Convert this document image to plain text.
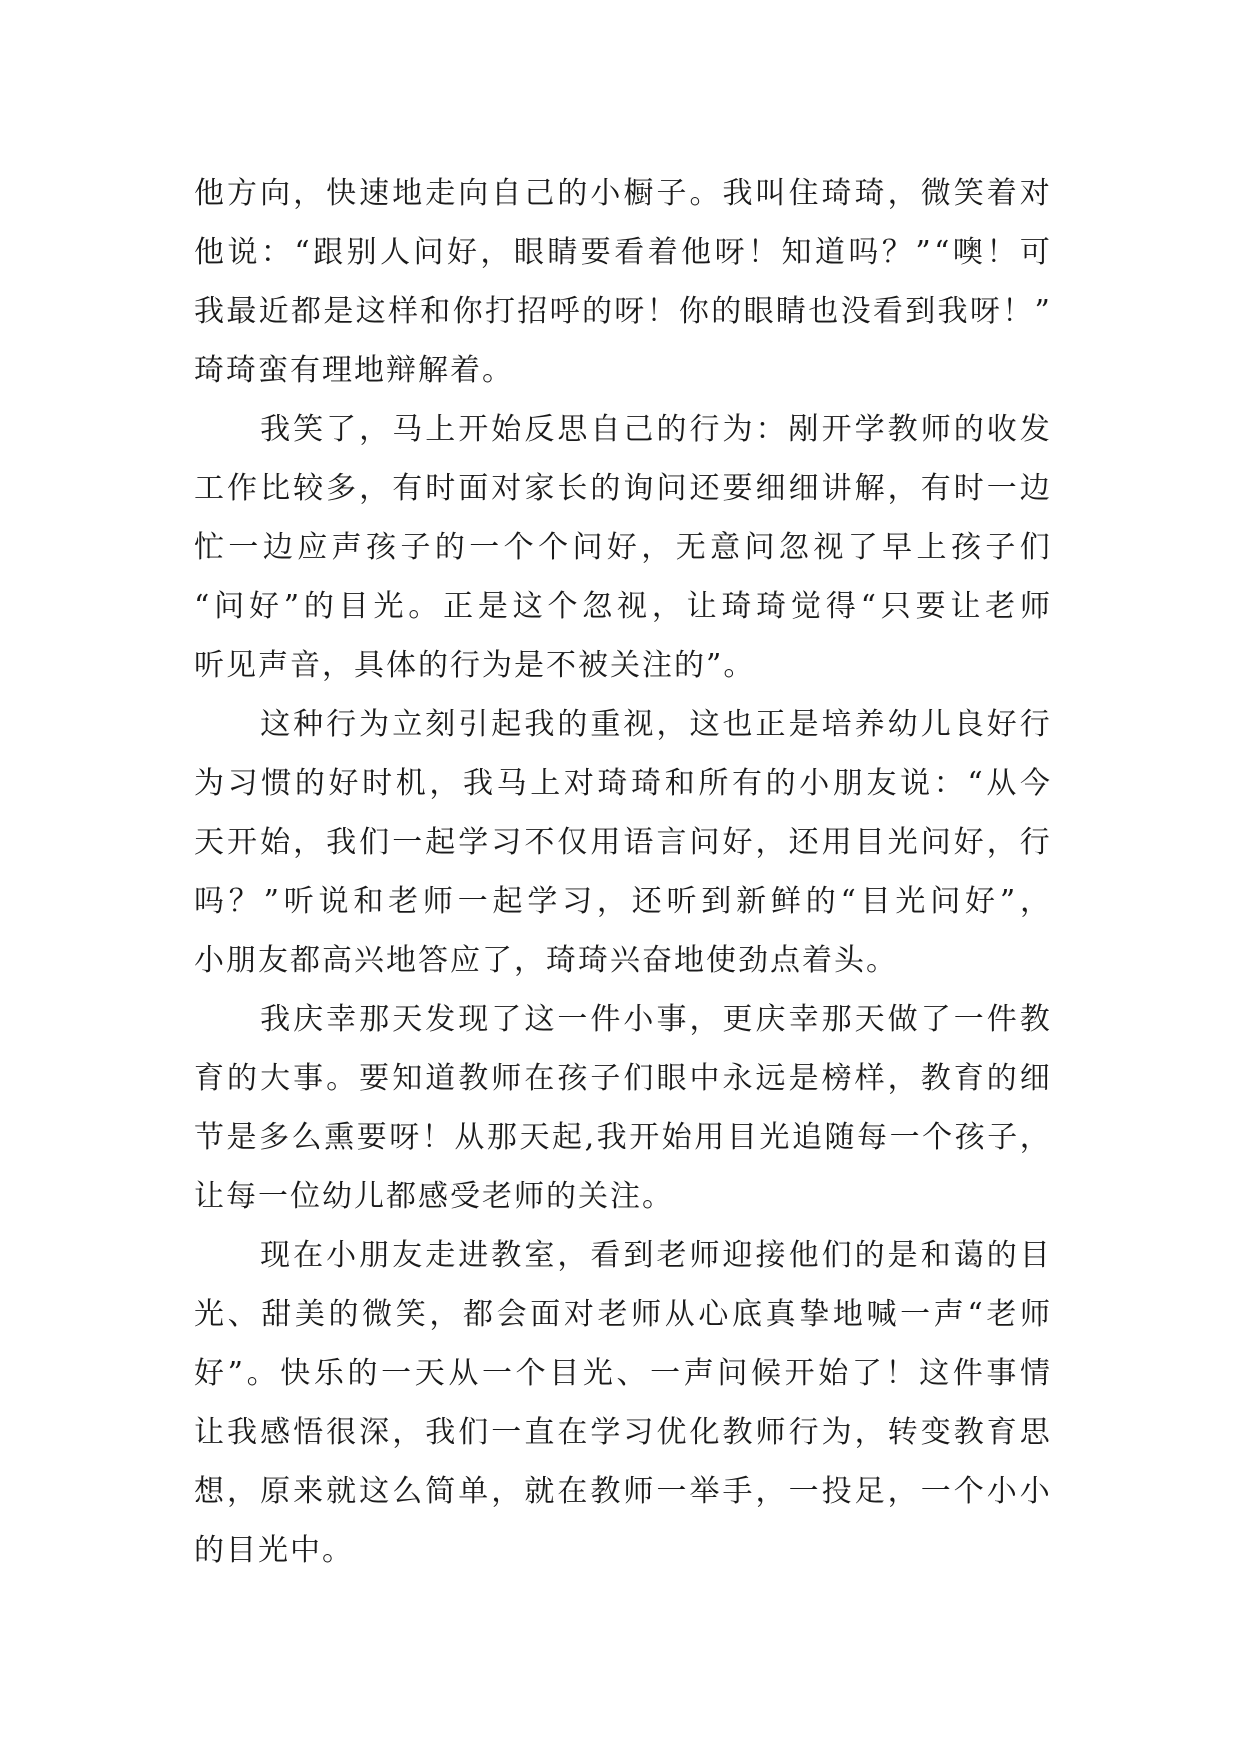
他 方 向 ， 快 速 地 走 向 自 己 的 小 橱 子 。 我 叫 住 琦 琦 ， 微 笑 着 对
他 说 ： “ 跟 别 人 问 好 ， 眼 睛 要 看 着 他 呀 ！ 知 道 吗 ？ ” “ 噢 ！ 可
我 最 近 都 是 这 样 和 你 打 招 呼 的 呀 ！ 你 的 眼 睛 也 没 看 到 我 呀 ！ ”
琦 琦 蛮 有 理 地 辩 解 着 。

我 笑 了 ， 马 上 开 始 反 思 自 己 的 行 为 ： 剐 开 学 教 师 的 收 发
工 作 比 较 多 ， 有 时 面 对 家 长 的 询 问 还 要 细 细 讲 解 ， 有 时 一 边
忙 一 边 应 声 孩 子 的 一 个 个 问 好 ， 无 意 问 忽 视 了 早 上 孩 子 们
“ 问 好 ” 的 目 光 。 正 是 这 个 忽 视 ， 让 琦 琦 觉 得 “ 只 要 让 老 师
听 见 声 音 ， 具 体 的 行 为 是 不 被 关 注 的 ” 。

这 种 行 为 立 刻 引 起 我 的 重 视 ， 这 也 正 是 培 养 幼 儿 良 好 行
为 习 惯 的 好 时 机 ， 我 马 上 对 琦 琦 和 所 有 的 小 朋 友 说 ： “ 从 今
天 开 始 ， 我 们 一 起 学 习 不 仅 用 语 言 问 好 ， 还 用 目 光 问 好 ， 行
吗 ？ ” 听 说 和 老 师 一 起 学 习 ， 还 听 到 新 鲜 的 “ 目 光 问 好 ” ，
小 朋 友 都 高 兴 地 答 应 了 ， 琦 琦 兴 奋 地 使 劲 点 着 头 。

我 庆 幸 那 天 发 现 了 这 一 件 小 事 ， 更 庆 幸 那 天 做 了 一 件 教
育 的 大 事 。 要 知 道 教 师 在 孩 子 们 眼 中 永 远 是 榜 样 ， 教 育 的 细
节 是 多 么 熏 要 呀 ！ 从 那 天 起 , 我 开 始 用 目 光 追 随 每 一 个 孩 子 ，
让 每 一 位 幼 儿 都 感 受 老 师 的 关 注 。

现 在 小 朋 友 走 进 教 室 ， 看 到 老 师 迎 接 他 们 的 是 和 蔼 的 目
光 、 甜 美 的 微 笑 ， 都 会 面 对 老 师 从 心 底 真 挚 地 喊 一 声 “ 老 师
好 ” 。 快 乐 的 一 天 从 一 个 目 光 、 一 声 问 候 开 始 了 ！ 这 件 事 情
让 我 感 悟 很 深 ， 我 们 一 直 在 学 习 优 化 教 师 行 为 ， 转 变 教 育 思
想 ， 原 来 就 这 么 简 单 ， 就 在 教 师 一 举 手 ， 一 投 足 ， 一 个 小 小
的 目 光 中 。
